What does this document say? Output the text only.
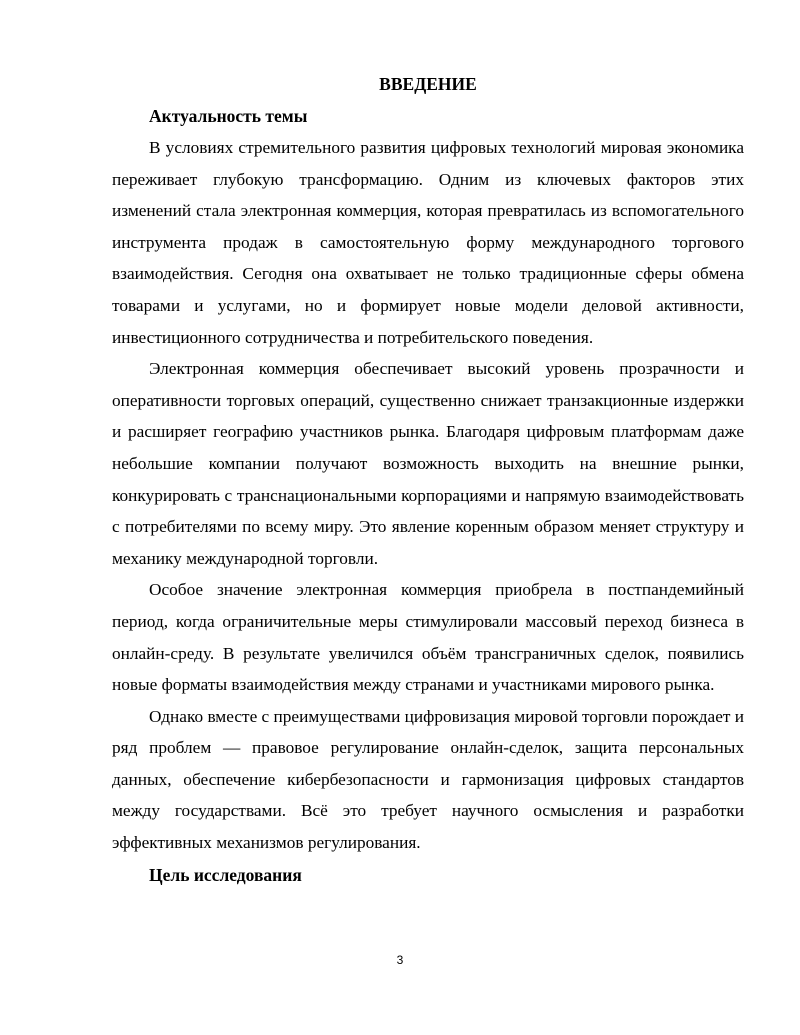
ВВЕДЕНИЕ
Актуальность темы

В условиях стремительного развития цифровых технологий мировая экономика переживает глубокую трансформацию. Одним из ключевых факторов этих изменений стала электронная коммерция, которая превратилась из вспомогательного инструмента продаж в самостоятельную форму международного торгового взаимодействия. Сегодня она охватывает не только традиционные сферы обмена товарами и услугами, но и формирует новые модели деловой активности, инвестиционного сотрудничества и потребительского поведения.

Электронная коммерция обеспечивает высокий уровень прозрачности и оперативности торговых операций, существенно снижает транзакционные издержки и расширяет географию участников рынка. Благодаря цифровым платформам даже небольшие компании получают возможность выходить на внешние рынки, конкурировать с транснациональными корпорациями и напрямую взаимодействовать с потребителями по всему миру. Это явление коренным образом меняет структуру и механику международной торговли.

Особое значение электронная коммерция приобрела в постпандемийный период, когда ограничительные меры стимулировали массовый переход бизнеса в онлайн-среду. В результате увеличился объём трансграничных сделок, появились новые форматы взаимодействия между странами и участниками мирового рынка.

Однако вместе с преимуществами цифровизация мировой торговли порождает и ряд проблем — правовое регулирование онлайн-сделок, защита персональных данных, обеспечение кибербезопасности и гармонизация цифровых стандартов между государствами. Всё это требует научного осмысления и разработки эффективных механизмов регулирования.

Цель исследования
3
